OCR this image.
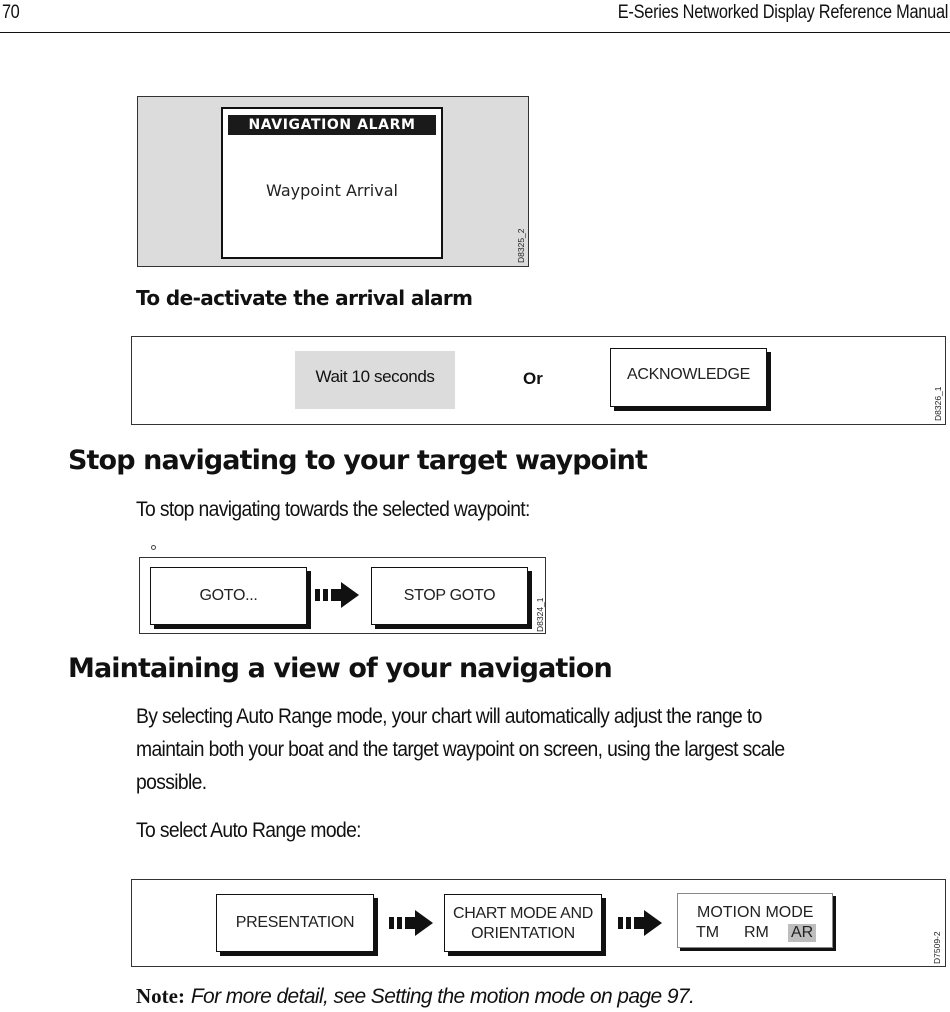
70	E-Series Networked Display Reference Manual
NAVIGATION ALARM
Waypoint Arrival
D8325_2
To de-activate the arrival alarm
Wait 10 seconds	Or	ACKNOWLEDGE
D8326_1
Stop navigating to your target waypoint
To stop navigating towards the selected waypoint:
GOTO...	STOP GOTO
D8324_1
Maintaining a view of your navigation
By selecting Auto Range mode, your chart will automatically adjust the range to
maintain both your boat and the target waypoint on screen, using the largest scale
possible.
To select Auto Range mode:
PRESENTATION
CHART MODE AND
ORIENTATION
MOTION MODE
TM RM AR	D7509-2
Note: For more detail, see Setting the motion mode on page 97.
